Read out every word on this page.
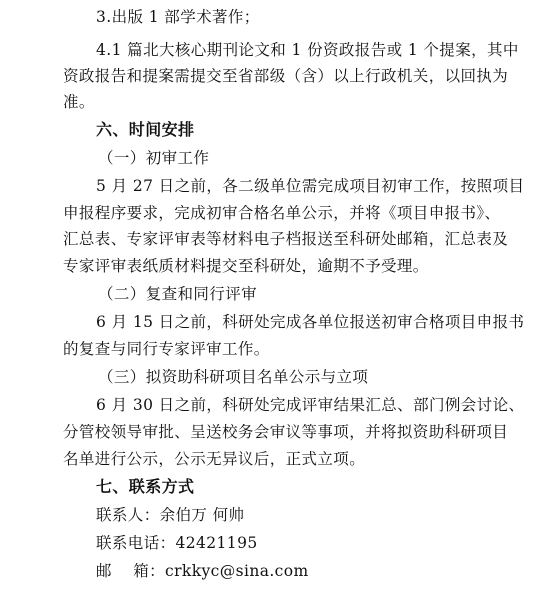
3.出版 1 部学术著作；
4.1 篇北大核心期刊论文和 1 份资政报告或 1 个提案，其中
资政报告和提案需提交至省部级（含）以上行政机关，以回执为
准。
六、时间安排
（一）初审工作
5 月 27 日之前，各二级单位需完成项目初审工作，按照项目
申报程序要求，完成初审合格名单公示，并将《项目申报书》、
汇总表、专家评审表等材料电子档报送至科研处邮箱，汇总表及
专家评审表纸质材料提交至科研处，逾期不予受理。
（二）复查和同行评审
6 月 15 日之前，科研处完成各单位报送初审合格项目申报书
的复查与同行专家评审工作。
（三）拟资助科研项目名单公示与立项
6 月 30 日之前，科研处完成评审结果汇总、部门例会讨论、
分管校领导审批、呈送校务会审议等事项，并将拟资助科研项目
名单进行公示，公示无异议后，正式立项。
七、联系方式
联系人：余伯万 何帅
联系电话：42421195
邮    箱：crkkyc@sina.com
